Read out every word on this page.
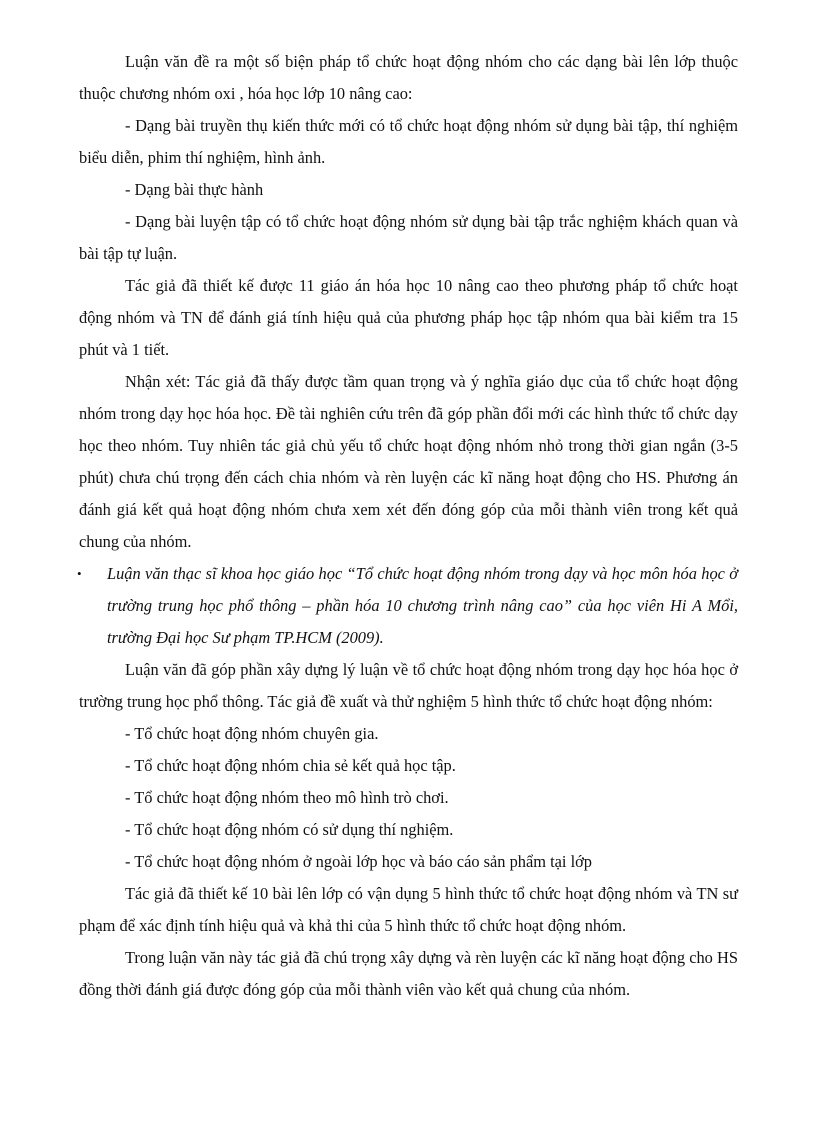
Luận văn đề ra một số biện pháp tổ chức hoạt động nhóm cho các dạng bài lên lớp thuộc thuộc chương nhóm oxi , hóa học lớp 10 nâng cao:

- Dạng bài truyền thụ kiến thức mới có tổ chức hoạt động nhóm sử dụng bài tập, thí nghiệm biểu diễn, phim thí nghiệm, hình ảnh.

- Dạng bài thực hành

- Dạng bài luyện tập có tổ chức hoạt động nhóm sử dụng bài tập trắc nghiệm khách quan và bài tập tự luận.

Tác giả đã thiết kế được 11 giáo án hóa học 10 nâng cao theo phương pháp tổ chức hoạt động nhóm và TN để đánh giá tính hiệu quả của phương pháp học tập nhóm qua bài kiểm tra 15 phút và 1 tiết.

Nhận xét: Tác giả đã thấy được tầm quan trọng và ý nghĩa giáo dục của tổ chức hoạt động nhóm trong dạy học hóa học. Đề tài nghiên cứu trên đã góp phần đổi mới các hình thức tổ chức dạy học theo nhóm. Tuy nhiên tác giả chủ yếu tổ chức hoạt động nhóm nhỏ trong thời gian ngắn (3-5 phút) chưa chú trọng đến cách chia nhóm và rèn luyện các kĩ năng hoạt động cho HS. Phương án đánh giá kết quả hoạt động nhóm chưa xem xét đến đóng góp của mỗi thành viên trong kết quả chung của nhóm.

• Luận văn thạc sĩ khoa học giáo học “Tổ chức hoạt động nhóm trong dạy và học môn hóa học ở trường trung học phổ thông – phần hóa 10 chương trình nâng cao” của học viên Hi A Mổi, trường Đại học Sư phạm TP.HCM (2009).

Luận văn đã góp phần xây dựng lý luận về tổ chức hoạt động nhóm trong dạy học hóa học ở trường trung học phổ thông. Tác giả đề xuất và thử nghiệm 5 hình thức tổ chức hoạt động nhóm:

- Tổ chức hoạt động nhóm chuyên gia.

- Tổ chức hoạt động nhóm chia sẻ kết quả học tập.

- Tổ chức hoạt động nhóm theo mô hình trò chơi.

- Tổ chức hoạt động nhóm có sử dụng thí nghiệm.

- Tổ chức hoạt động nhóm ở ngoài lớp học và báo cáo sản phẩm tại lớp

Tác giả đã thiết kế 10 bài lên lớp có vận dụng 5 hình thức tổ chức hoạt động nhóm và TN sư phạm để xác định tính hiệu quả và khả thi của 5 hình thức tổ chức hoạt động nhóm.

Trong luận văn này tác giả đã chú trọng xây dựng và rèn luyện các kĩ năng hoạt động cho HS đồng thời đánh giá được đóng góp của mỗi thành viên vào kết quả chung của nhóm.
